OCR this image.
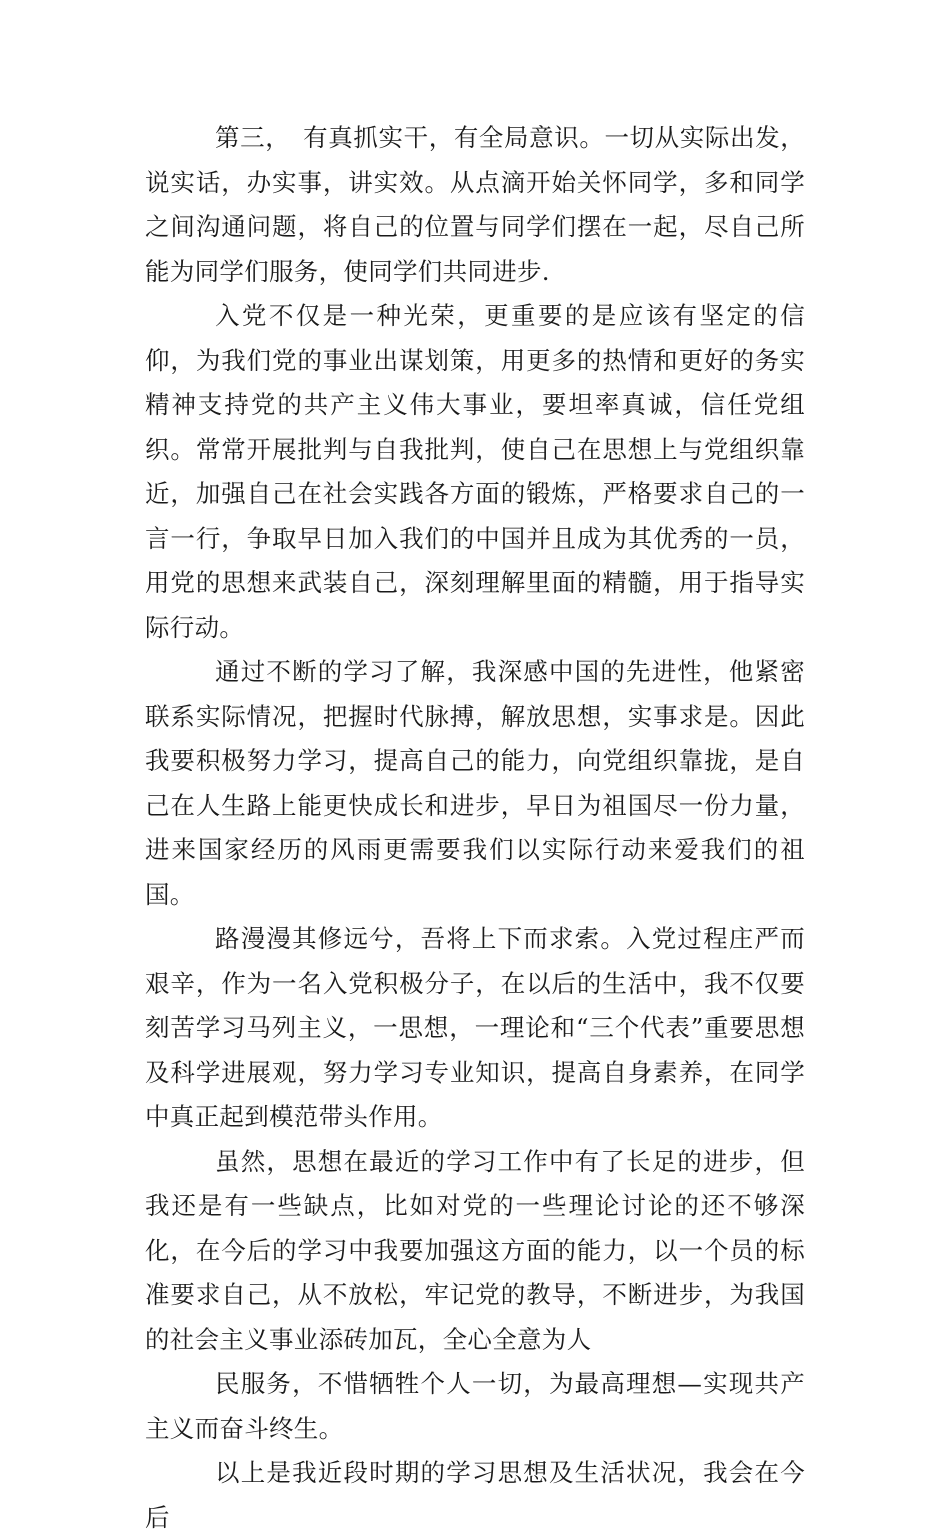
第三，　有真抓实干，有全局意识。一切从实际出发，说实话，办实事，讲实效。从点滴开始关怀同学，多和同学之间沟通问题，将自己的位置与同学们摆在一起，尽自己所能为同学们服务，使同学们共同进步.

入党不仅是一种光荣，更重要的是应该有坚定的信仰，为我们党的事业出谋划策，用更多的热情和更好的务实精神支持党的共产主义伟大事业，要坦率真诚，信任党组织。常常开展批判与自我批判，使自己在思想上与党组织靠近，加强自己在社会实践各方面的锻炼，严格要求自己的一言一行，争取早日加入我们的中国并且成为其优秀的一员，用党的思想来武装自己，深刻理解里面的精髓，用于指导实际行动。

通过不断的学习了解，我深感中国的先进性，他紧密联系实际情况，把握时代脉搏，解放思想，实事求是。因此我要积极努力学习，提高自己的能力，向党组织靠拢，是自己在人生路上能更快成长和进步，早日为祖国尽一份力量，进来国家经历的风雨更需要我们以实际行动来爱我们的祖国。

路漫漫其修远兮，吾将上下而求索。入党过程庄严而艰辛，作为一名入党积极分子，在以后的生活中，我不仅要刻苦学习马列主义，一思想，一理论和“三个代表”重要思想及科学进展观，努力学习专业知识，提高自身素养，在同学中真正起到模范带头作用。

虽然，思想在最近的学习工作中有了长足的进步，但我还是有一些缺点，比如对党的一些理论讨论的还不够深化，在今后的学习中我要加强这方面的能力，以一个员的标准要求自己，从不放松，牢记党的教导，不断进步，为我国的社会主义事业添砖加瓦，全心全意为人

民服务，不惜牺牲个人一切，为最高理想—实现共产主义而奋斗终生。

以上是我近段时期的学习思想及生活状况，我会在今后
